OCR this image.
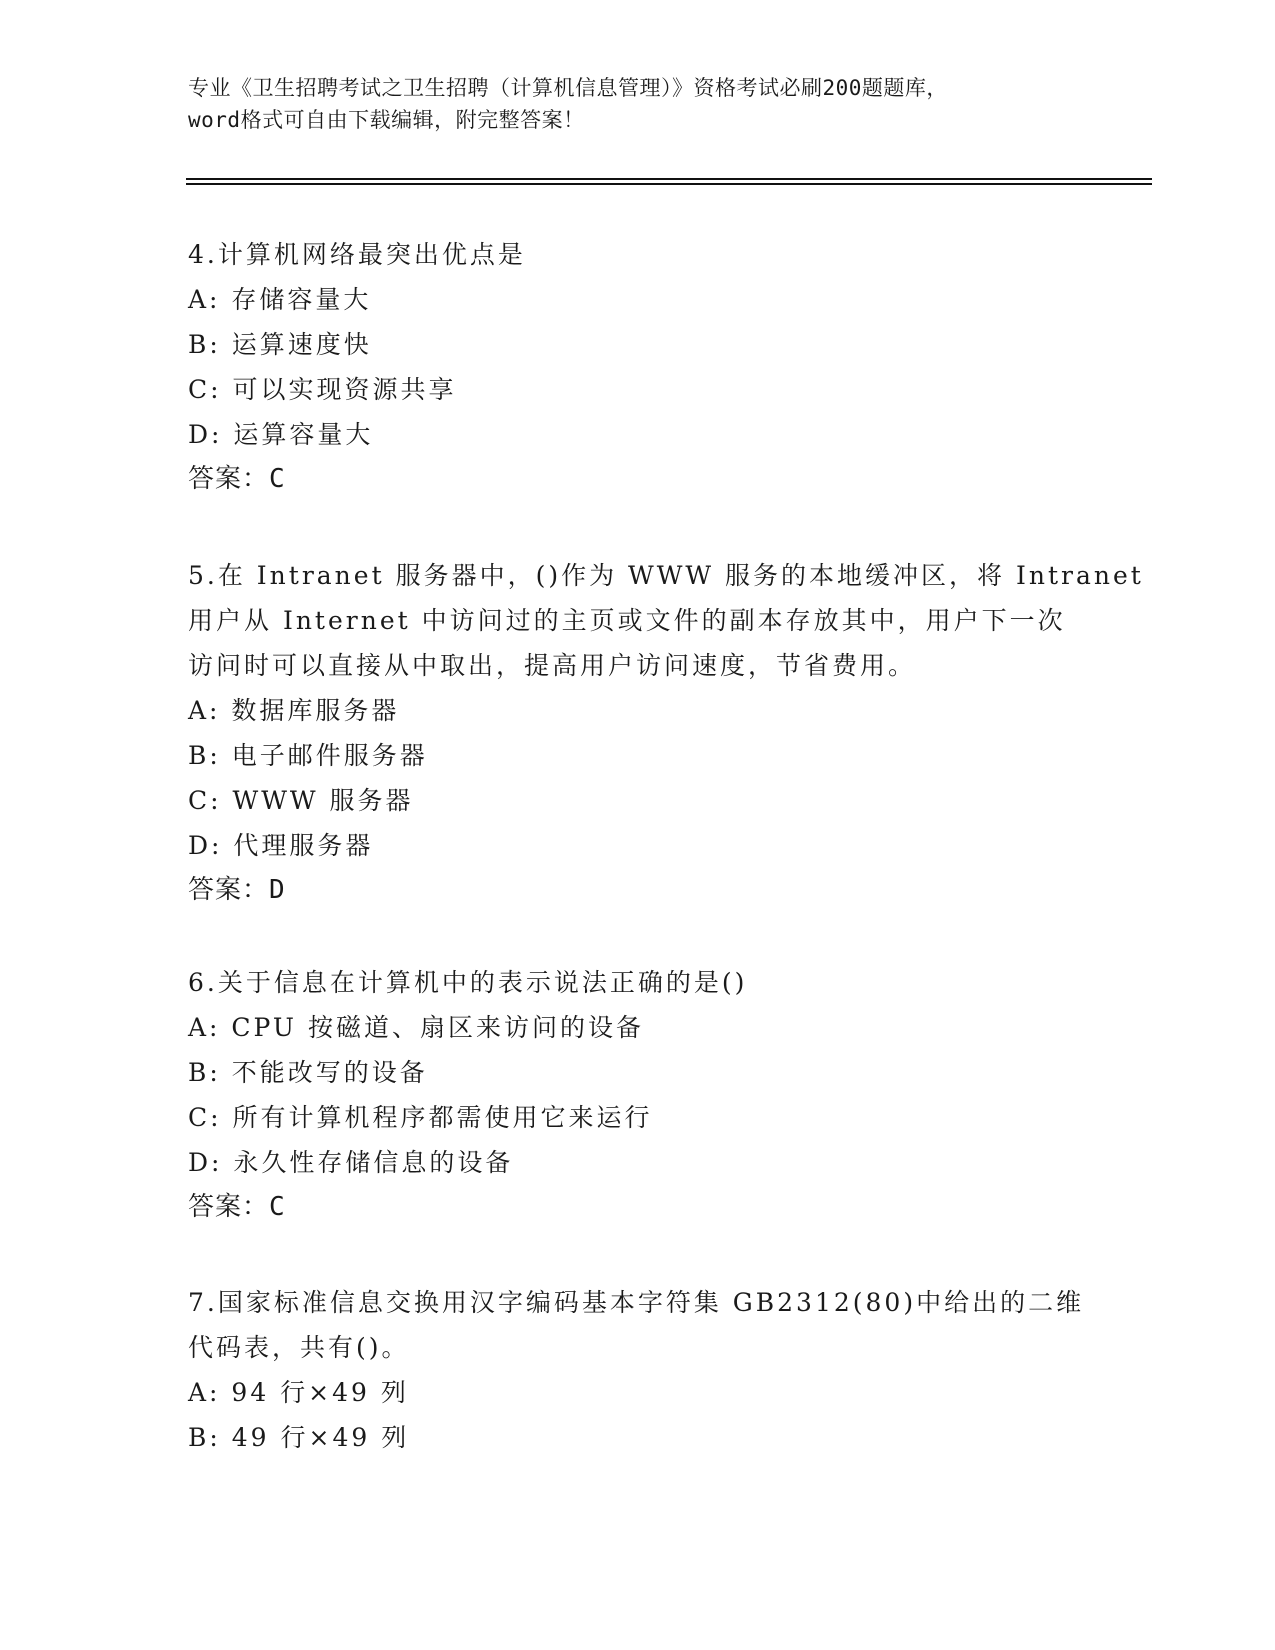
专业《卫生招聘考试之卫生招聘（计算机信息管理）》资格考试必刷200题题库，
word格式可自由下载编辑，附完整答案！
4.计算机网络最突出优点是
A: 存储容量大
B: 运算速度快
C: 可以实现资源共享
D: 运算容量大
答案：C
5.在 Intranet 服务器中，()作为 WWW 服务的本地缓冲区，将 Intranet
用户从 Internet 中访问过的主页或文件的副本存放其中，用户下一次
访问时可以直接从中取出，提高用户访问速度，节省费用。
A: 数据库服务器
B: 电子邮件服务器
C: WWW 服务器
D: 代理服务器
答案：D
6.关于信息在计算机中的表示说法正确的是()
A: CPU 按磁道、扇区来访问的设备
B: 不能改写的设备
C: 所有计算机程序都需使用它来运行
D: 永久性存储信息的设备
答案：C
7.国家标准信息交换用汉字编码基本字符集 GB2312(80)中给出的二维
代码表，共有()。
A: 94 行×49 列
B: 49 行×49 列
